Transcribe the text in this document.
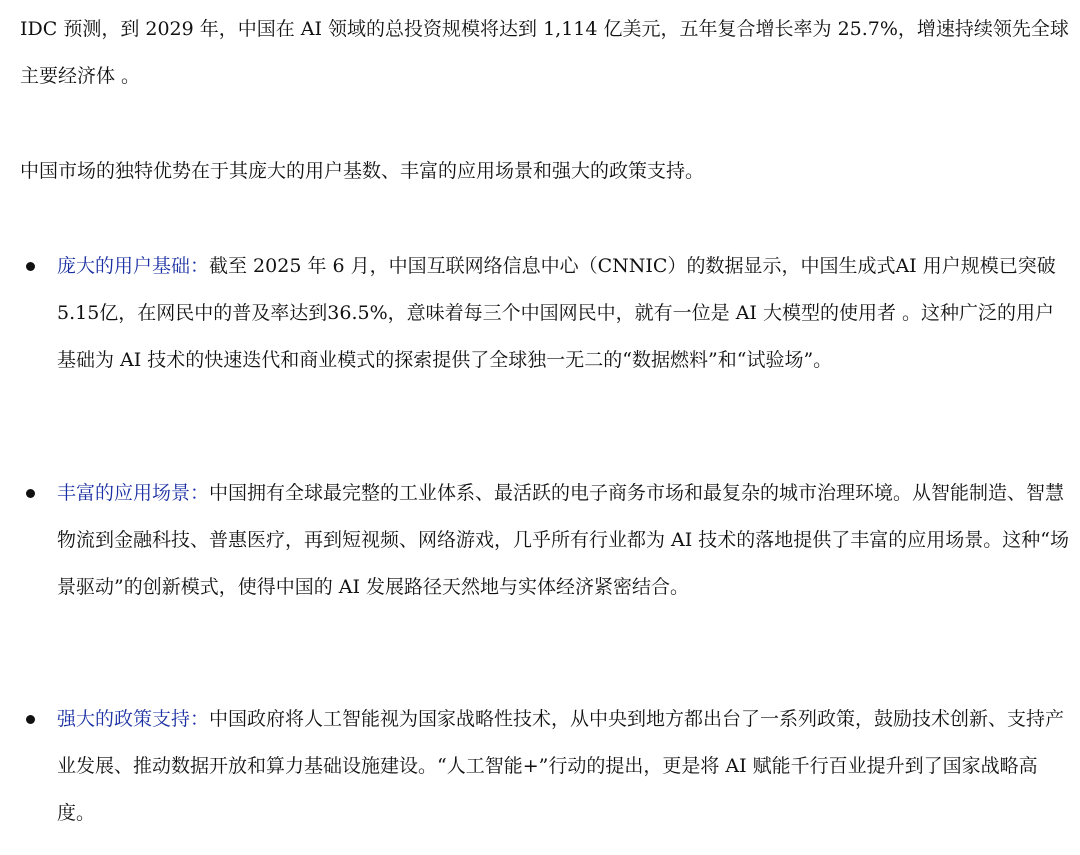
IDC 预测，到 2029 年，中国在 AI 领域的总投资规模将达到 1,114 亿美元，五年复合增长率为 25.7%，增速持续领先全球主要经济体 。

中国市场的独特优势在于其庞大的用户基数、丰富的应用场景和强大的政策支持。

庞大的用户基础：截至 2025 年 6 月，中国互联网络信息中心（CNNIC）的数据显示，中国生成式AI 用户规模已突破5.15亿，在网民中的普及率达到36.5%，意味着每三个中国网民中，就有一位是 AI 大模型的使用者 。这种广泛的用户基础为 AI 技术的快速迭代和商业模式的探索提供了全球独一无二的“数据燃料”和“试验场”。

丰富的应用场景：中国拥有全球最完整的工业体系、最活跃的电子商务市场和最复杂的城市治理环境。从智能制造、智慧物流到金融科技、普惠医疗，再到短视频、网络游戏，几乎所有行业都为 AI 技术的落地提供了丰富的应用场景。这种“场景驱动”的创新模式，使得中国的 AI 发展路径天然地与实体经济紧密结合。

强大的政策支持：中国政府将人工智能视为国家战略性技术，从中央到地方都出台了一系列政策，鼓励技术创新、支持产业发展、推动数据开放和算力基础设施建设。“人工智能+”行动的提出，更是将 AI 赋能千行百业提升到了国家战略高度。
